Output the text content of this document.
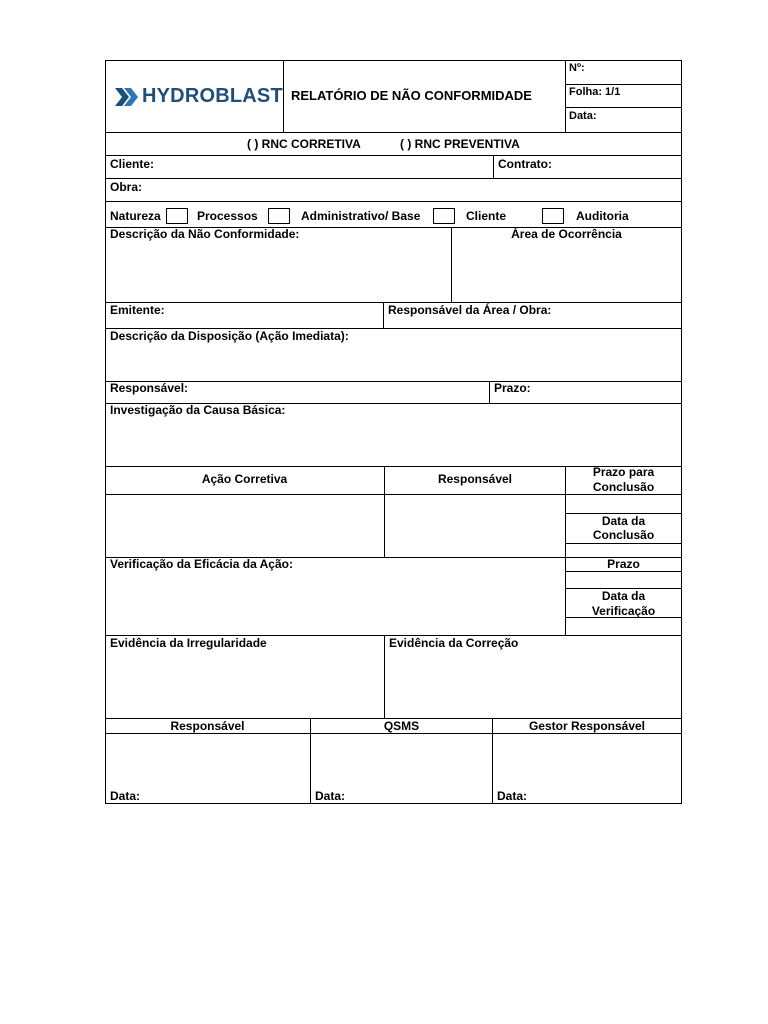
HYDROBLAST RELATÓRIO DE NÃO CONFORMIDADE
Nº:
Folha: 1/1
Data:
( ) RNC CORRETIVA	( ) RNC PREVENTIVA
Cliente:	Contrato:
Obra:
Natureza	Processos	Administrativo/ Base	Cliente	Auditoria
Descrição da Não Conformidade:	Área de Ocorrência
Emitente:	Responsável da Área / Obra:
Descrição da Disposição (Ação Imediata):
Responsável:	Prazo:
Investigação da Causa Básica:
Ação Corretiva	Responsável	Prazo para
Conclusão
Data da
Conclusão
Verificação da Eficácia da Ação:	Prazo
Data da
Verificação
Evidência da Irregularidade	Evidência da Correção
Responsável	QSMS	Gestor Responsável
Data:	Data:	Data:
